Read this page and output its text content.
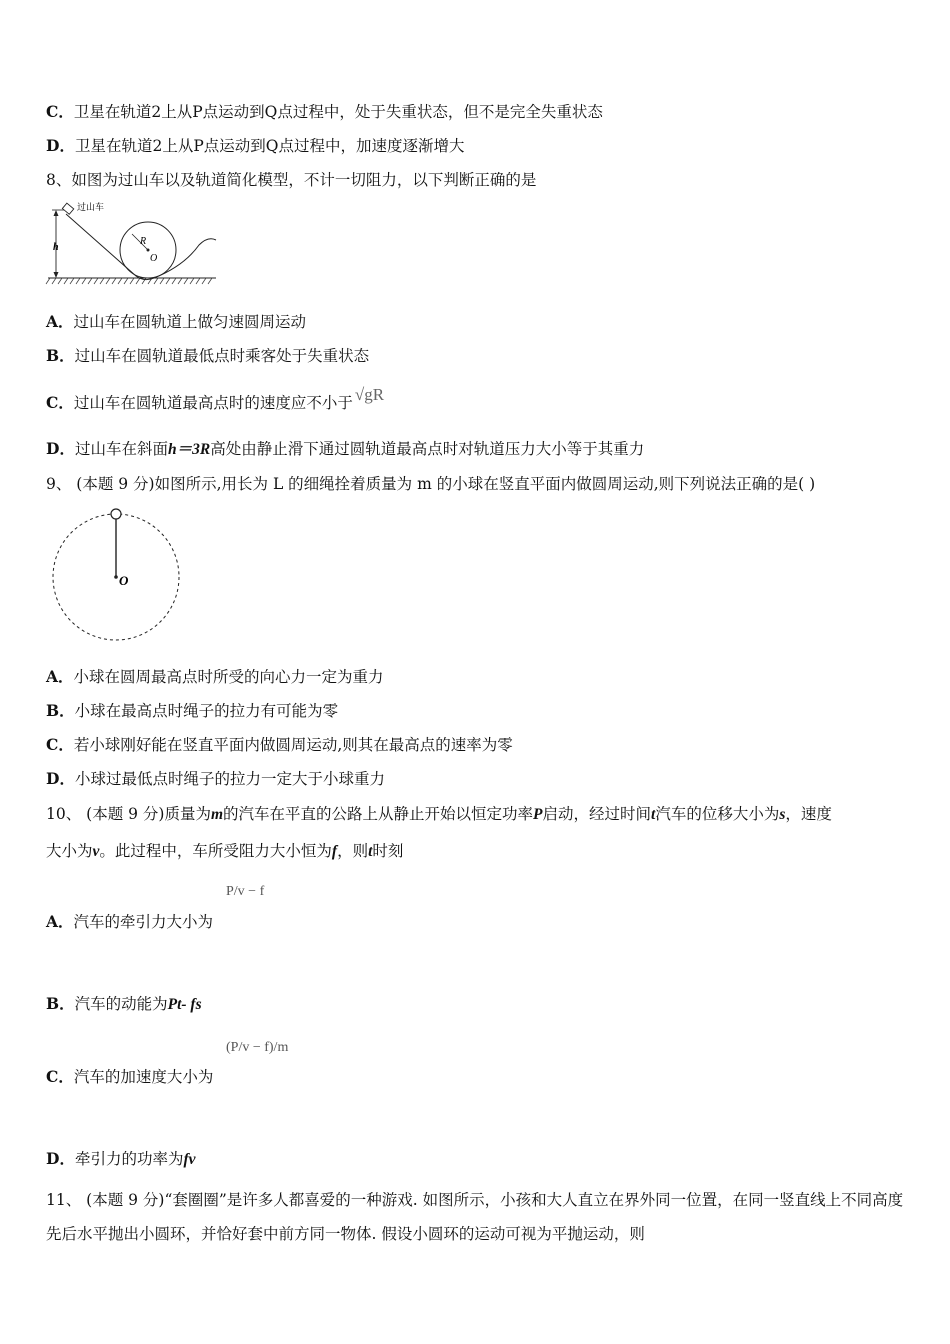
C．卫星在轨道2上从P点运动到Q点过程中，处于失重状态，但不是完全失重状态
D．卫星在轨道2上从P点运动到Q点过程中，加速度逐渐增大
8、如图为过山车以及轨道简化模型，不计一切阻力，以下判断正确的是
h
过山车
R
O
A．过山车在圆轨道上做匀速圆周运动
B．过山车在圆轨道最低点时乘客处于失重状态
C．过山车在圆轨道最高点时的速度应不小于 √gR
D．过山车在斜面h＝3R高处由静止滑下通过圆轨道最高点时对轨道压力大小等于其重力
9、 (本题 9 分)如图所示,用长为 L 的细绳拴着质量为 m 的小球在竖直平面内做圆周运动,则下列说法正确的是( )
O
A．小球在圆周最高点时所受的向心力一定为重力
B．小球在最高点时绳子的拉力有可能为零
C．若小球刚好能在竖直平面内做圆周运动,则其在最高点的速率为零
D．小球过最低点时绳子的拉力一定大于小球重力
10、 (本题 9 分)质量为m的汽车在平直的公路上从静止开始以恒定功率P启动，经过时间t汽车的位移大小为s，速度
大小为v。此过程中，车所受阻力大小恒为f，则t时刻
P/v − f
A．汽车的牵引力大小为
B．汽车的动能为Pt- fs
(P/v − f)/m
C．汽车的加速度大小为
D．牵引力的功率为fv
11、 (本题 9 分)“套圈圈”是许多人都喜爱的一种游戏. 如图所示，小孩和大人直立在界外同一位置，在同一竖直线上不同高度先后水平抛出小圆环，并恰好套中前方同一物体. 假设小圆环的运动可视为平抛运动，则
